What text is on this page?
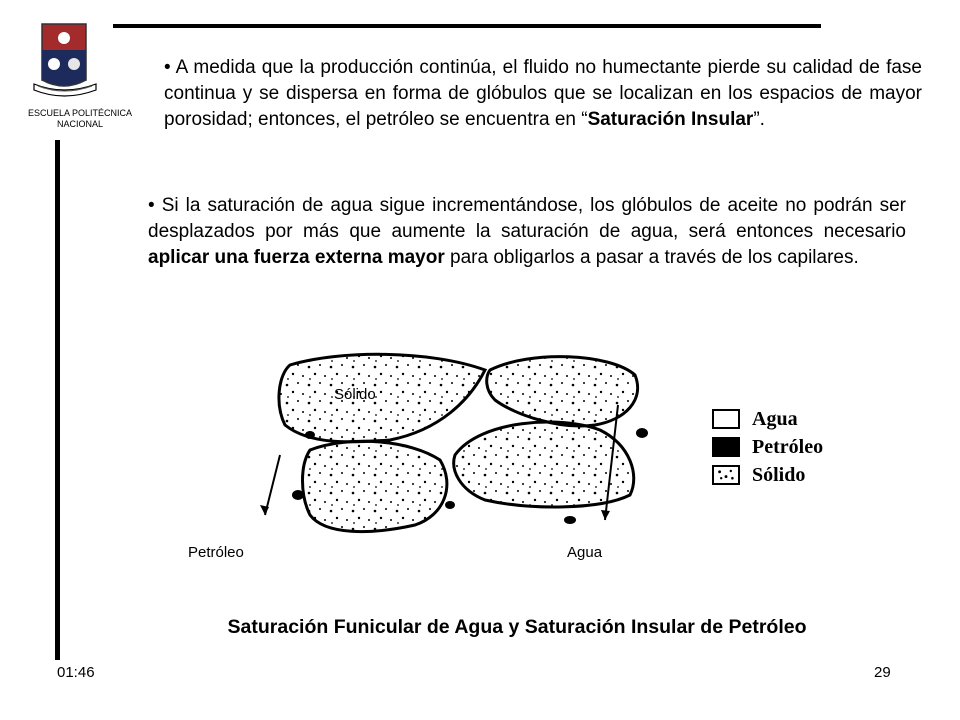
ESCUELA POLITÉCNICA
NACIONAL

• A medida que la producción continúa, el fluido no humectante pierde su calidad de fase continua y se dispersa en forma de glóbulos que se localizan en los espacios de mayor porosidad; entonces, el petróleo se encuentra en “Saturación Insular”.

• Si la saturación de agua sigue incrementándose, los glóbulos de aceite no podrán ser desplazados por más que aumente la saturación de agua, será entonces necesario aplicar una fuerza externa mayor para obligarlos a pasar a través de los capilares.

Sólido
Petróleo	Agua
Agua
Petróleo
Sólido
Saturación Funicular de Agua y Saturación Insular de Petróleo
01:46	29
